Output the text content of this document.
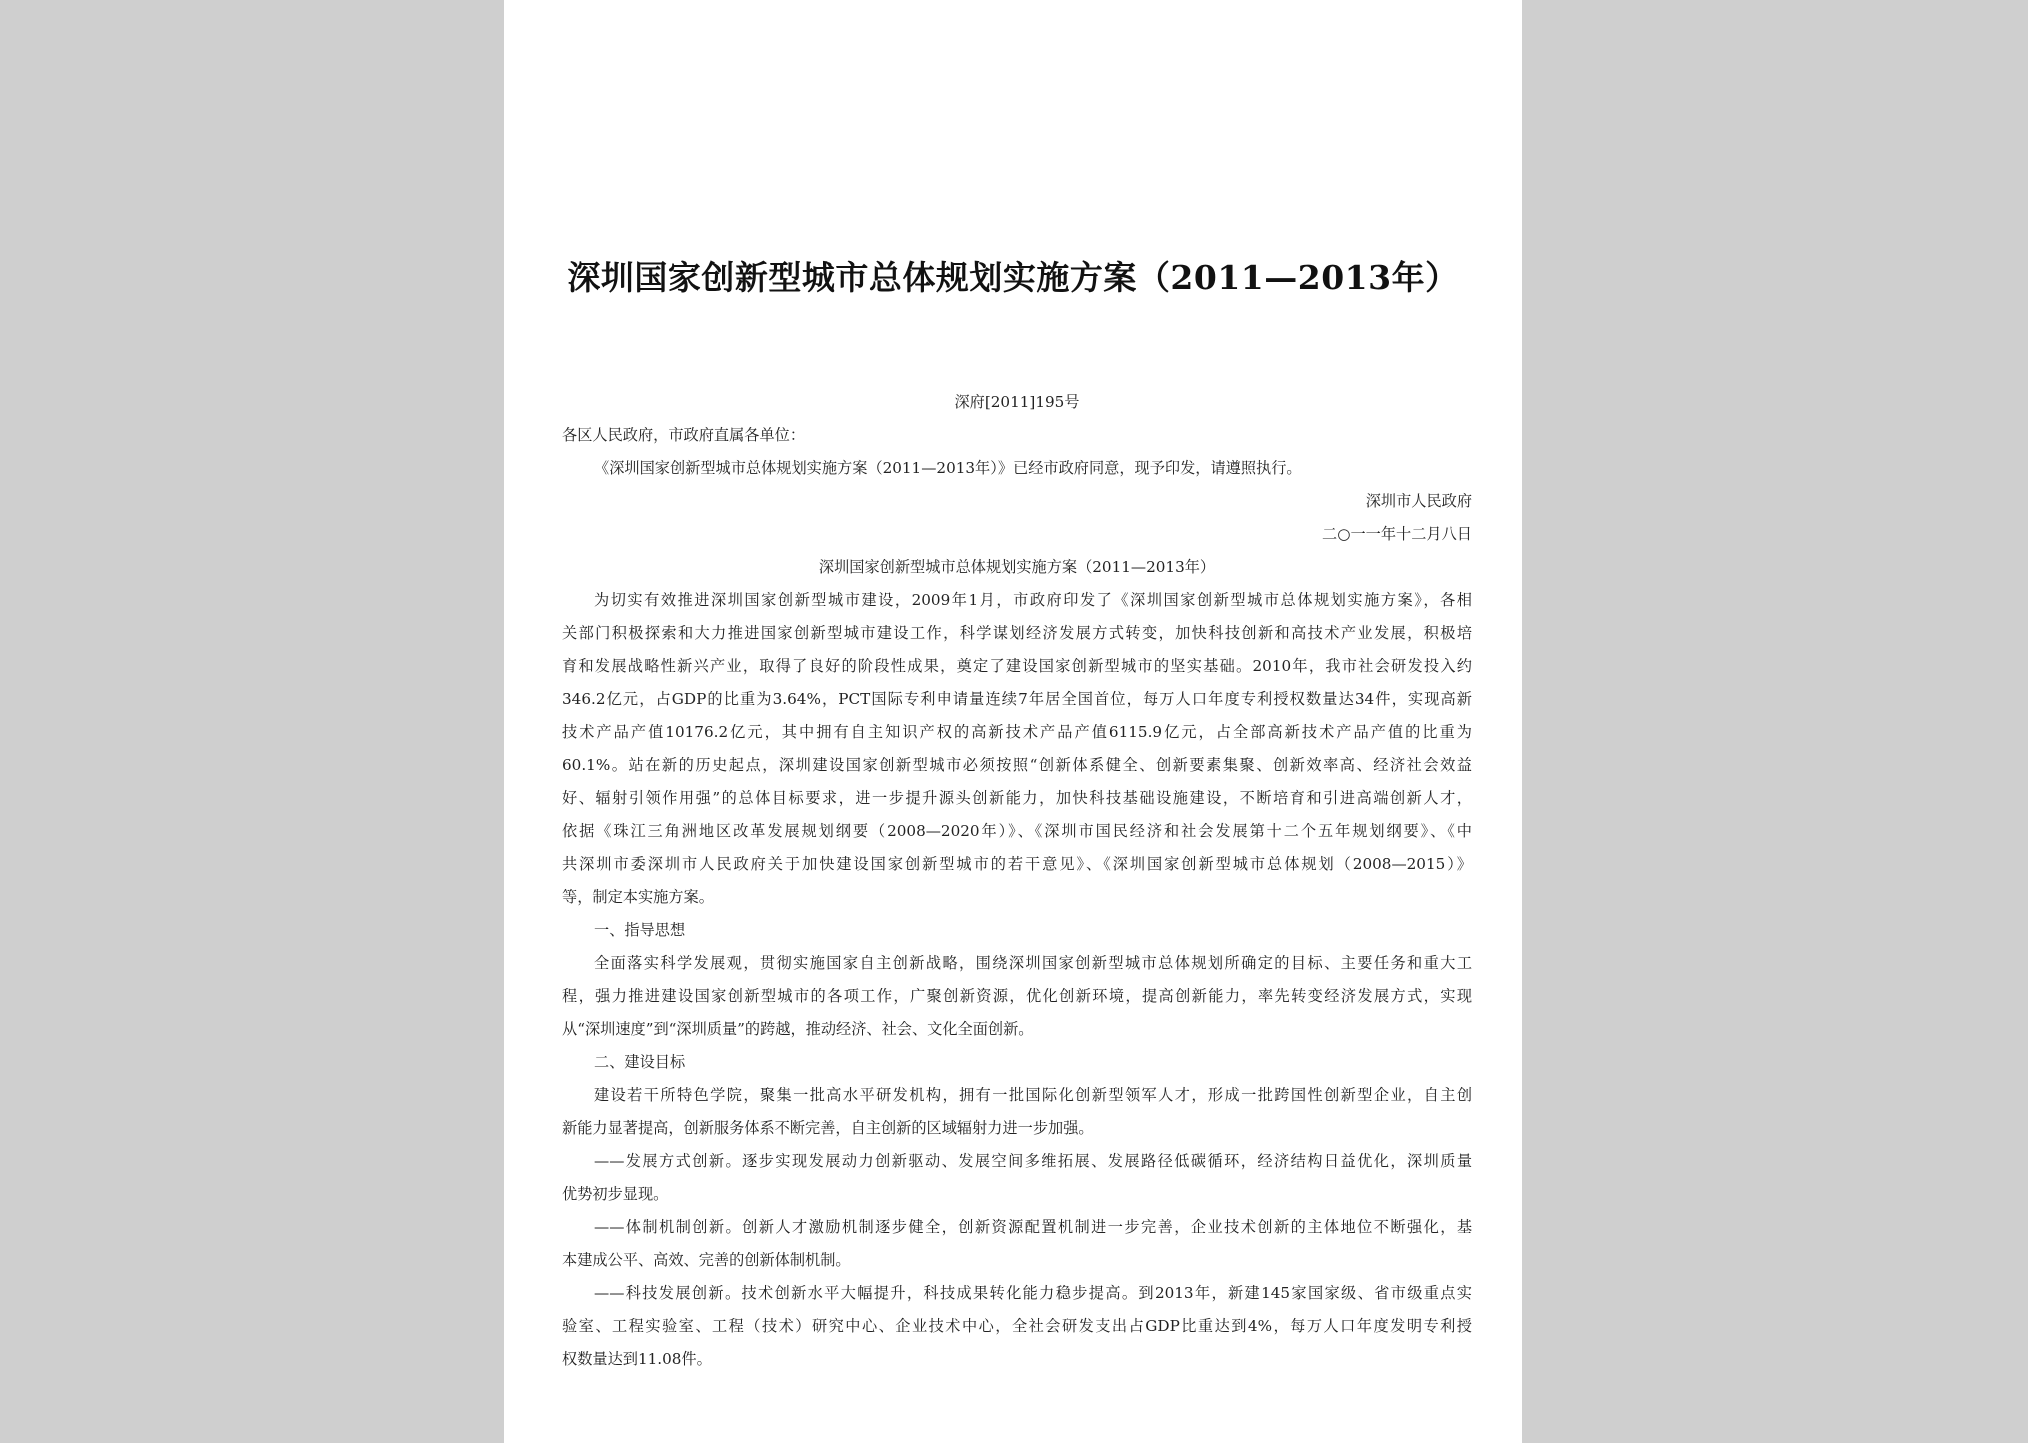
深圳国家创新型城市总体规划实施方案（2011—2013年）
深府[2011]195号
各区人民政府，市政府直属各单位：
《深圳国家创新型城市总体规划实施方案（2011—2013年）》已经市政府同意，现予印发，请遵照执行。
深圳市人民政府
二○一一年十二月八日
深圳国家创新型城市总体规划实施方案（2011—2013年）
为切实有效推进深圳国家创新型城市建设，2009年1月，市政府印发了《深圳国家创新型城市总体规划实施方案》，各相
关部门积极探索和大力推进国家创新型城市建设工作，科学谋划经济发展方式转变，加快科技创新和高技术产业发展，积极培
育和发展战略性新兴产业，取得了良好的阶段性成果，奠定了建设国家创新型城市的坚实基础。2010年，我市社会研发投入约
346.2亿元，占GDP的比重为3.64%，PCT国际专利申请量连续7年居全国首位，每万人口年度专利授权数量达34件，实现高新
技术产品产值10176.2亿元，其中拥有自主知识产权的高新技术产品产值6115.9亿元，占全部高新技术产品产值的比重为
60.1%。站在新的历史起点，深圳建设国家创新型城市必须按照“创新体系健全、创新要素集聚、创新效率高、经济社会效益
好、辐射引领作用强”的总体目标要求，进一步提升源头创新能力，加快科技基础设施建设，不断培育和引进高端创新人才，
依据《珠江三角洲地区改革发展规划纲要（2008—2020年）》、《深圳市国民经济和社会发展第十二个五年规划纲要》、《中
共深圳市委深圳市人民政府关于加快建设国家创新型城市的若干意见》、《深圳国家创新型城市总体规划（2008—2015）》
等，制定本实施方案。
一、指导思想
全面落实科学发展观，贯彻实施国家自主创新战略，围绕深圳国家创新型城市总体规划所确定的目标、主要任务和重大工
程，强力推进建设国家创新型城市的各项工作，广聚创新资源，优化创新环境，提高创新能力，率先转变经济发展方式，实现
从“深圳速度”到“深圳质量”的跨越，推动经济、社会、文化全面创新。
二、建设目标
建设若干所特色学院，聚集一批高水平研发机构，拥有一批国际化创新型领军人才，形成一批跨国性创新型企业，自主创
新能力显著提高，创新服务体系不断完善，自主创新的区域辐射力进一步加强。
——发展方式创新。逐步实现发展动力创新驱动、发展空间多维拓展、发展路径低碳循环，经济结构日益优化，深圳质量
优势初步显现。
——体制机制创新。创新人才激励机制逐步健全，创新资源配置机制进一步完善，企业技术创新的主体地位不断强化，基
本建成公平、高效、完善的创新体制机制。
——科技发展创新。技术创新水平大幅提升，科技成果转化能力稳步提高。到2013年，新建145家国家级、省市级重点实
验室、工程实验室、工程（技术）研究中心、企业技术中心，全社会研发支出占GDP比重达到4%，每万人口年度发明专利授
权数量达到11.08件。
